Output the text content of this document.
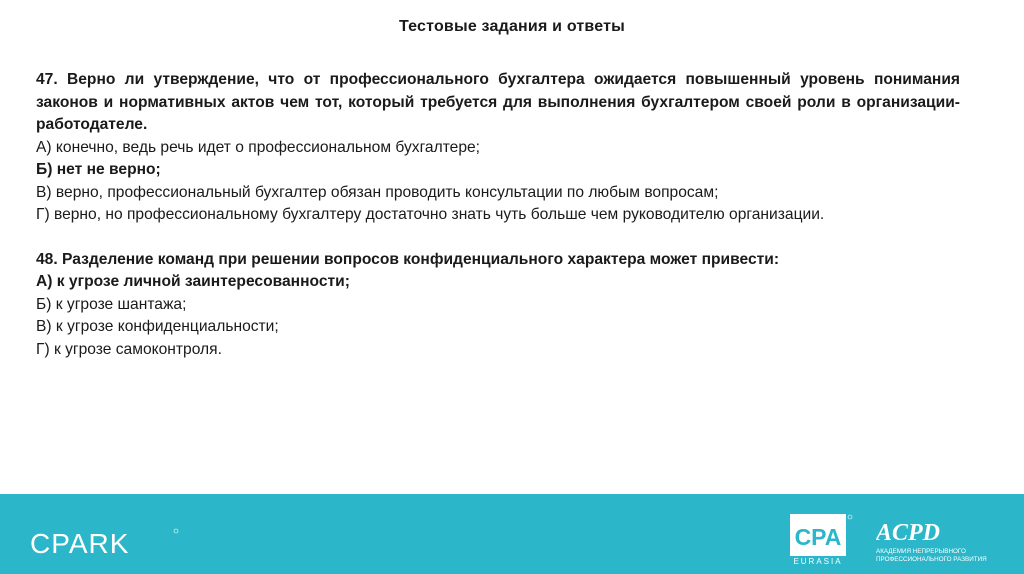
Тестовые задания и ответы

47. Верно ли утверждение, что от профессионального бухгалтера ожидается повышенный уровень понимания законов и нормативных актов чем тот, который требуется для выполнения бухгалтером своей роли в организации-работодателе.

А) конечно, ведь речь идет о профессиональном бухгалтере;

Б) нет не верно;

В) верно, профессиональный бухгалтер обязан проводить консультации по любым вопросам;

Г) верно, но профессиональному бухгалтеру достаточно знать чуть больше чем руководителю организации.

48. Разделение команд при решении вопросов конфиденциального характера может привести:

А) к угрозе личной заинтересованности;

Б) к угрозе шантажа;

В) к угрозе конфиденциальности;

Г) к угрозе самоконтроля.

CPARK	CPA
EURASIA
ACPD
АКАДЕМИЯ НЕПРЕРЫВНОГО
ПРОФЕССИОНАЛЬНОГО РАЗВИТИЯ
